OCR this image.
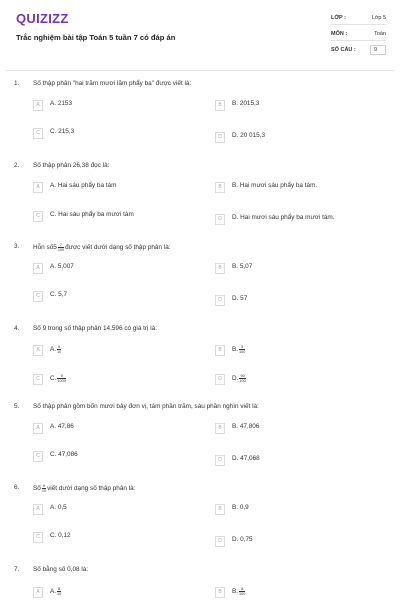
QUIZIZZ
Trắc nghiệm bài tập Toán 5 tuần 7 có đáp án
LỚP :	Lớp 5
MÔN :	Toán
SỐ CÂU :	9
1. Số thập phân "hai trăm mươi lăm phẩy ba" được viết là:
A	A. 2153	B	B. 2015,3
C	C. 215,3
D	D. 20 015,3
2. Số thập phân 26,38 đọc là:
A	A. Hai sáu phẩy ba tám	B	B. Hai mươi sáu phẩy ba tám.
C	C. Hai sáu phẩy ba mươi tám
D	D. Hai mươi sáu phẩy ba mươi tám.
3. Hỗn số5 $\frac{7}{100}$ được viết dưới dạng số thập phân là:
A	A. 5,007	B	B. 5,07
C	C. 5,7
D	D. 57
4. Số 9 trong số thập phân 14,596 có giá trị là:
A	A. $\frac{9}{10}$	B	B. $\frac{9}{100}$
C	C. $\frac{9}{1000}$	D	D. $\frac{90}{100}$
5. Số thập phân gồm bốn mươi bảy đơn vị, tám phần trăm, sáu phần nghìn viết là:
A	A. 47,86	B	B. 47,806
C	C. 47,086
D	D. 47,068
6. Số $\frac{9}{10}$ viết dưới dạng số thập phân là:
A	A. 0,5	B	B. 0,9
C	C. 0,12
D	D. 0,75
7. Số bằng số 0,08 là:
A	A. $\frac{8}{10}$	B	B. $\frac{8}{100}$
